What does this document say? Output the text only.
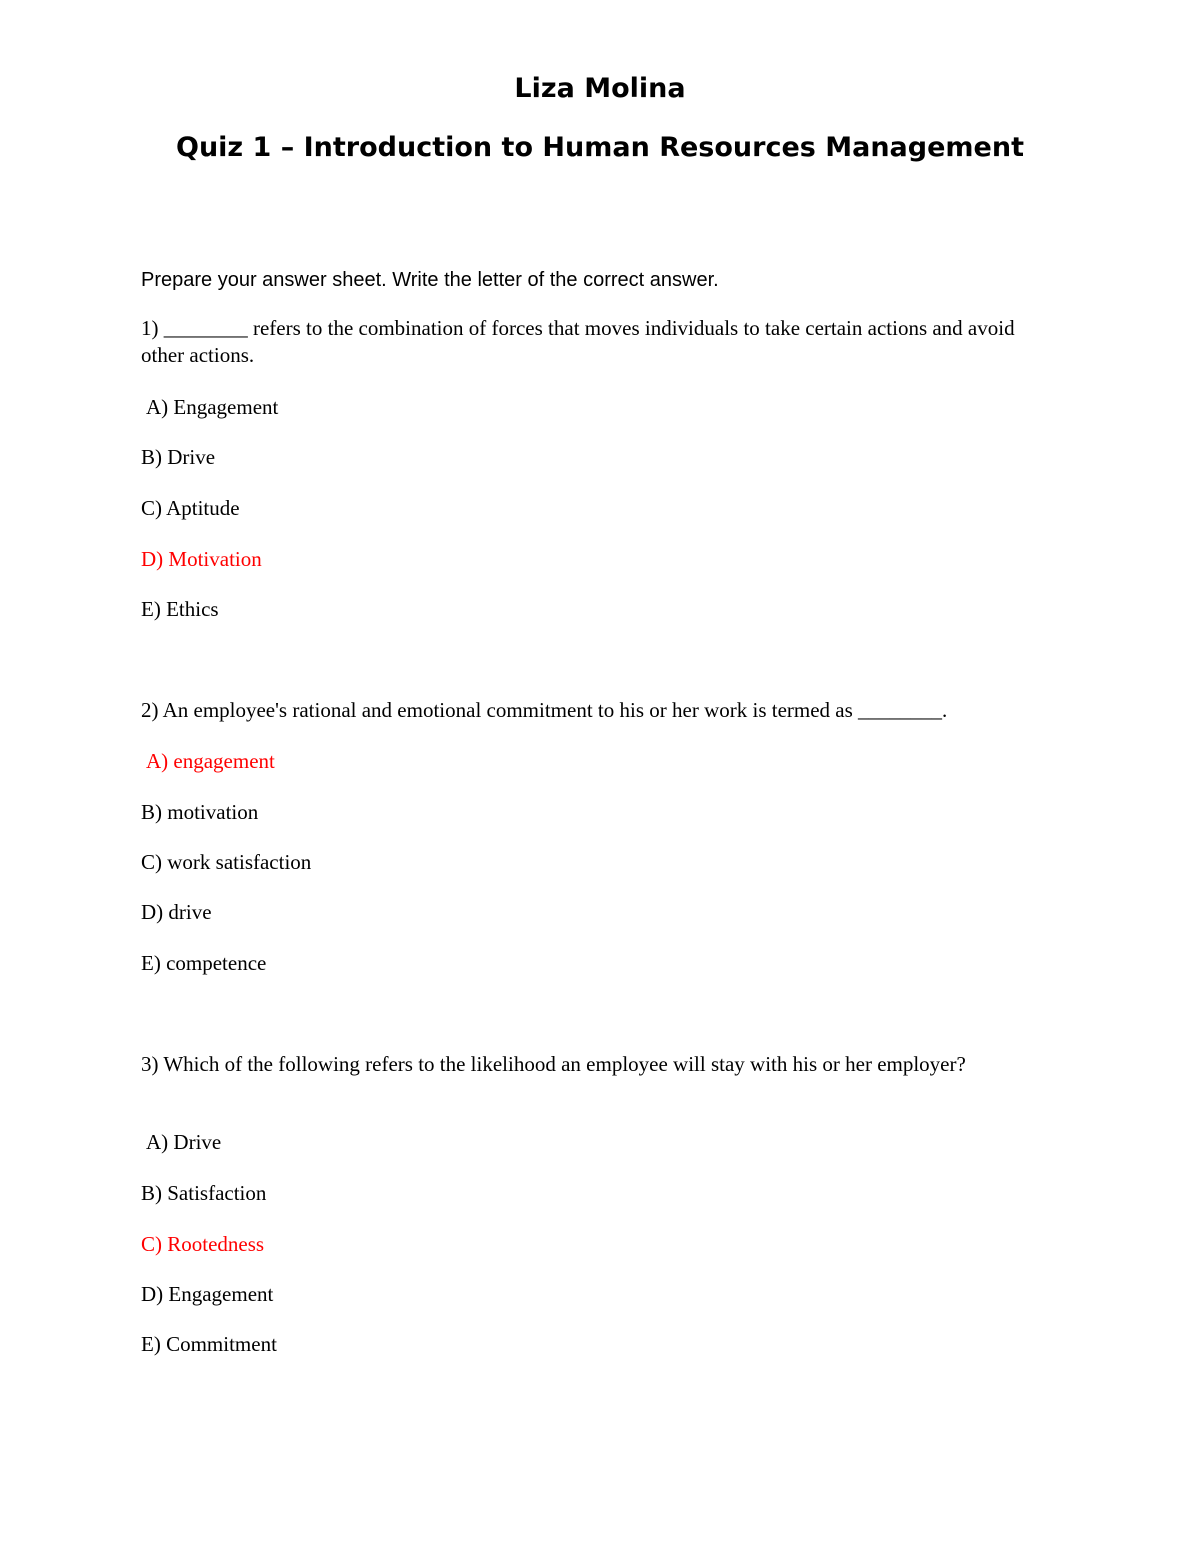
Liza Molina
Quiz 1 – Introduction to Human Resources Management
Prepare your answer sheet. Write the letter of the correct answer.
1) ________ refers to the combination of forces that moves individuals to take certain actions and avoid other actions.
A) Engagement
B) Drive
C) Aptitude
D) Motivation
E) Ethics
2) An employee's rational and emotional commitment to his or her work is termed as ________.
A) engagement
B) motivation
C) work satisfaction
D) drive
E) competence
3) Which of the following refers to the likelihood an employee will stay with his or her employer?
A) Drive
B) Satisfaction
C) Rootedness
D) Engagement
E) Commitment
